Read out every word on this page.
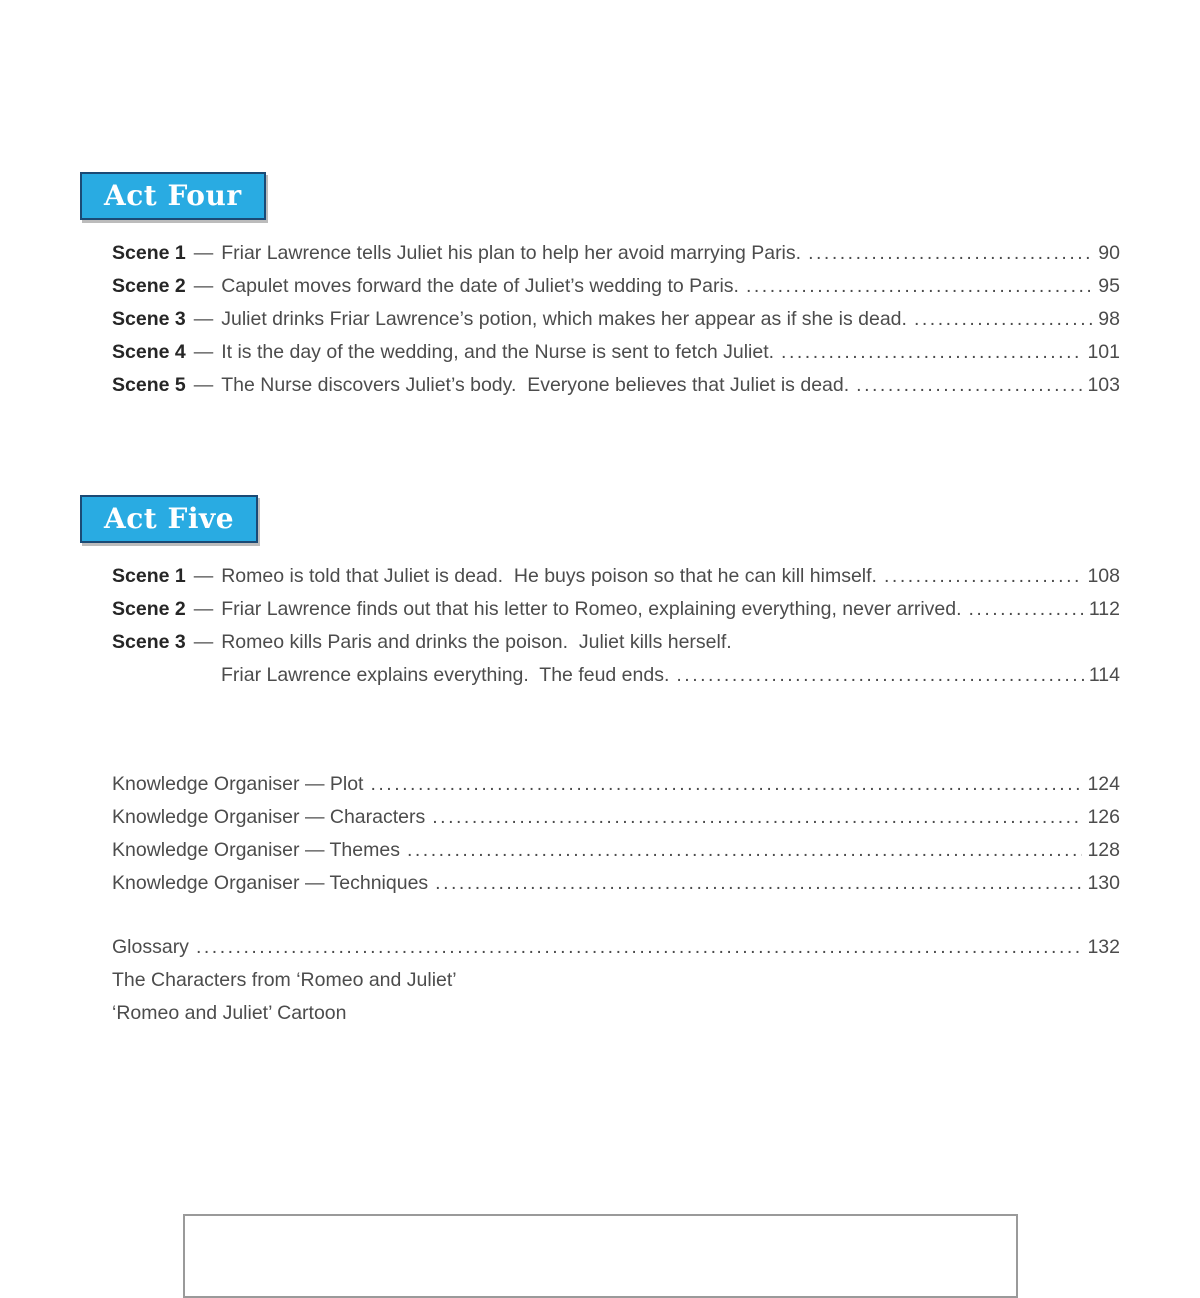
Act Four
Scene 1 — Friar Lawrence tells Juliet his plan to help her avoid marrying Paris. .....	90
Scene 2 — Capulet moves forward the date of Juliet’s wedding to Paris. .....	95
Scene 3 — Juliet drinks Friar Lawrence’s potion, which makes her appear as if she is dead. .....	98
Scene 4 — It is the day of the wedding, and the Nurse is sent to fetch Juliet. .....	101
Scene 5 — The Nurse discovers Juliet’s body.  Everyone believes that Juliet is dead. .....	103
Act Five
Scene 1 — Romeo is told that Juliet is dead.  He buys poison so that he can kill himself. .....	108
Scene 2 — Friar Lawrence finds out that his letter to Romeo, explaining everything, never arrived. .....	112
Scene 3 — Romeo kills Paris and drinks the poison.  Juliet kills herself.
Friar Lawrence explains everything.  The feud ends. .....	114
Knowledge Organiser — Plot .....	124
Knowledge Organiser — Characters .....	126
Knowledge Organiser — Themes .....	128
Knowledge Organiser — Techniques .....	130
Glossary .....	132
The Characters from ‘Romeo and Juliet’
‘Romeo and Juliet’ Cartoon
